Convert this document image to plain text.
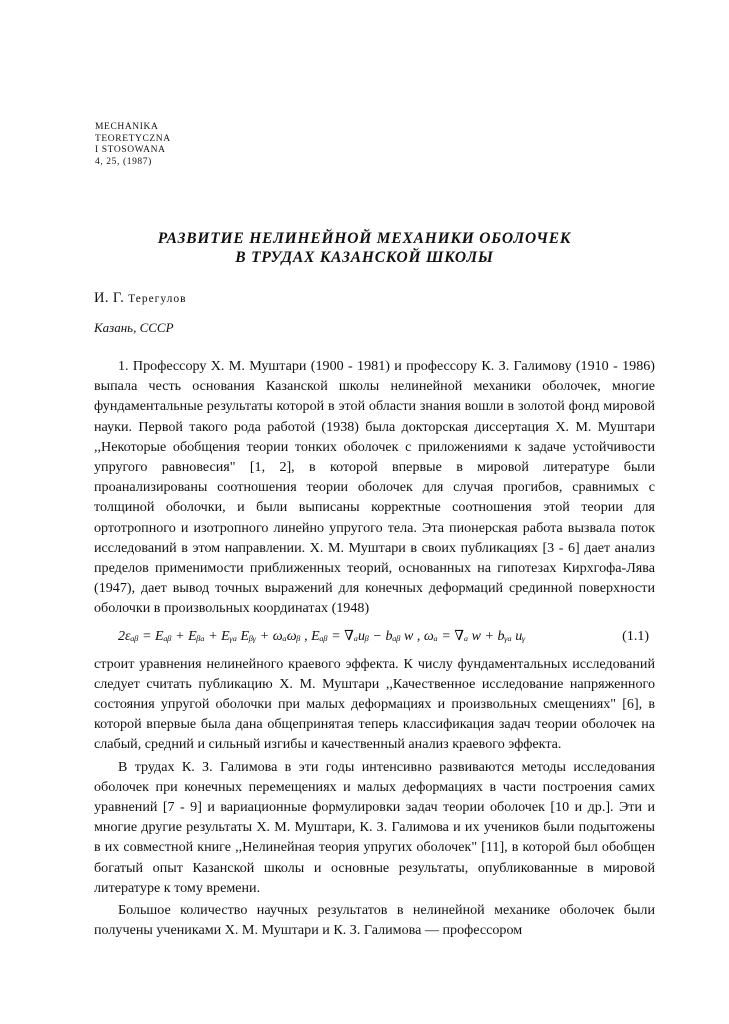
MECHANIKA
TEORETYCZNA
I STOSOWANA
4, 25, (1987)
РАЗВИТИЕ НЕЛИНЕЙНОЙ МЕХАНИКИ ОБОЛОЧЕК
В ТРУДАХ КАЗАНСКОЙ ШКОЛЫ
И. Г. Терегулов
Казань, СССР

1. Профессору Х. М. Муштари (1900 - 1981) и профессору К. З. Галимову (1910 - 1986) выпала честь основания Казанской школы нелинейной механики оболочек, многие фундаментальные результаты которой в этой области знания вошли в золотой фонд мировой науки. Первой такого рода работой (1938) была докторская диссертация Х. М. Муштари ,,Некоторые обобщения теории тонких оболочек с приложениями к задаче устойчивости упругого равновесия" [1, 2], в которой впервые в мировой литературе были проанализированы соотношения теории оболочек для случая прогибов, сравнимых с толщиной оболочки, и были выписаны корректные соотношения этой теории для ортотропного и изотропного линейно упругого тела. Эта пионерская работа вызвала поток исследований в этом направлении. Х. М. Муштари в своих публикациях [3 - 6] дает анализ пределов применимости приближенных теорий, основанных на гипотезах Кирхгофа-Лява (1947), дает вывод точных выражений для конечных деформаций срединной поверхности оболочки в произвольных координатах (1948)

2εₐᵦ = Eₐᵦ + Eᵦₐ + Eᵧₐ Eᵦᵧ + ωₐωᵦ , Eₐᵦ = ∇ₐuᵦ − bₐᵦ w , ωₐ = ∇ₐ w + bᵧₐ uᵧ	(1.1)

строит уравнения нелинейного краевого эффекта. К числу фундаментальных исследований следует считать публикацию Х. М. Муштари ,,Качественное исследование напряженного состояния упругой оболочки при малых деформациях и произвольных смещениях" [6], в которой впервые была дана общепринятая теперь классификация задач теории оболочек на слабый, средний и сильный изгибы и качественный анализ краевого эффекта.

В трудах К. З. Галимова в эти годы интенсивно развиваются методы исследования оболочек при конечных перемещениях и малых деформациях в части построения самих уравнений [7 - 9] и вариационные формулировки задач теории оболочек [10 и др.]. Эти и многие другие результаты Х. М. Муштари, К. З. Галимова и их учеников были подытожены в их совместной книге ,,Нелинейная теория упругих оболочек" [11], в которой был обобщен богатый опыт Казанской школы и основные результаты, опубликованные в мировой литературе к тому времени.

Большое количество научных результатов в нелинейной механике оболочек были получены учениками Х. М. Муштари и К. З. Галимова — профессором
